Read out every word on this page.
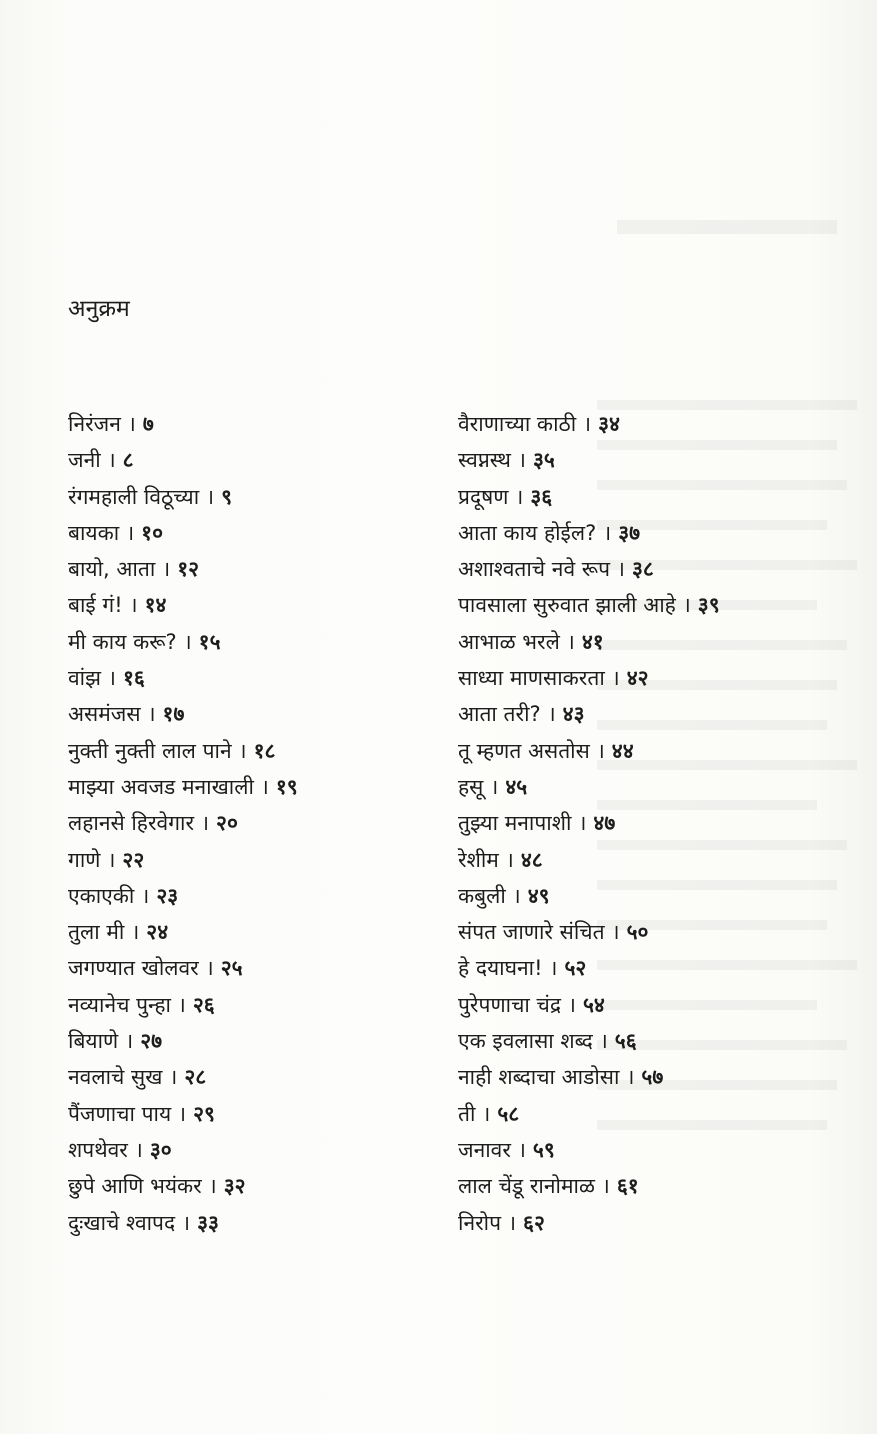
अनुक्रम
निरंजन । ७
जनी । ८
रंगमहाली विठूच्या । ९
बायका । १०
बायो, आता । १२
बाई गं! । १४
मी काय करू? । १५
वांझ । १६
असमंजस । १७
नुक्ती नुक्ती लाल पाने । १८
माझ्या अवजड मनाखाली । १९
लहानसे हिरवेगार । २०
गाणे । २२
एकाएकी । २३
तुला मी । २४
जगण्यात खोलवर । २५
नव्यानेच पुन्हा । २६
बियाणे । २७
नवलाचे सुख । २८
पैंजणाचा पाय । २९
शपथेवर । ३०
छुपे आणि भयंकर । ३२
दुःखाचे श्वापद । ३३
वैराणाच्या काठी । ३४
स्वप्नस्थ । ३५
प्रदूषण । ३६
आता काय होईल? । ३७
अशाश्वताचे नवे रूप । ३८
पावसाला सुरुवात झाली आहे । ३९
आभाळ भरले । ४१
साध्या माणसाकरता । ४२
आता तरी? । ४३
तू म्हणत असतोस । ४४
हसू । ४५
तुझ्या मनापाशी । ४७
रेशीम । ४८
कबुली । ४९
संपत जाणारे संचित । ५०
हे दयाघना! । ५२
पुरेपणाचा चंद्र । ५४
एक इवलासा शब्द । ५६
नाही शब्दाचा आडोसा । ५७
ती । ५८
जनावर । ५९
लाल चेंडू रानोमाळ । ६१
निरोप । ६२
